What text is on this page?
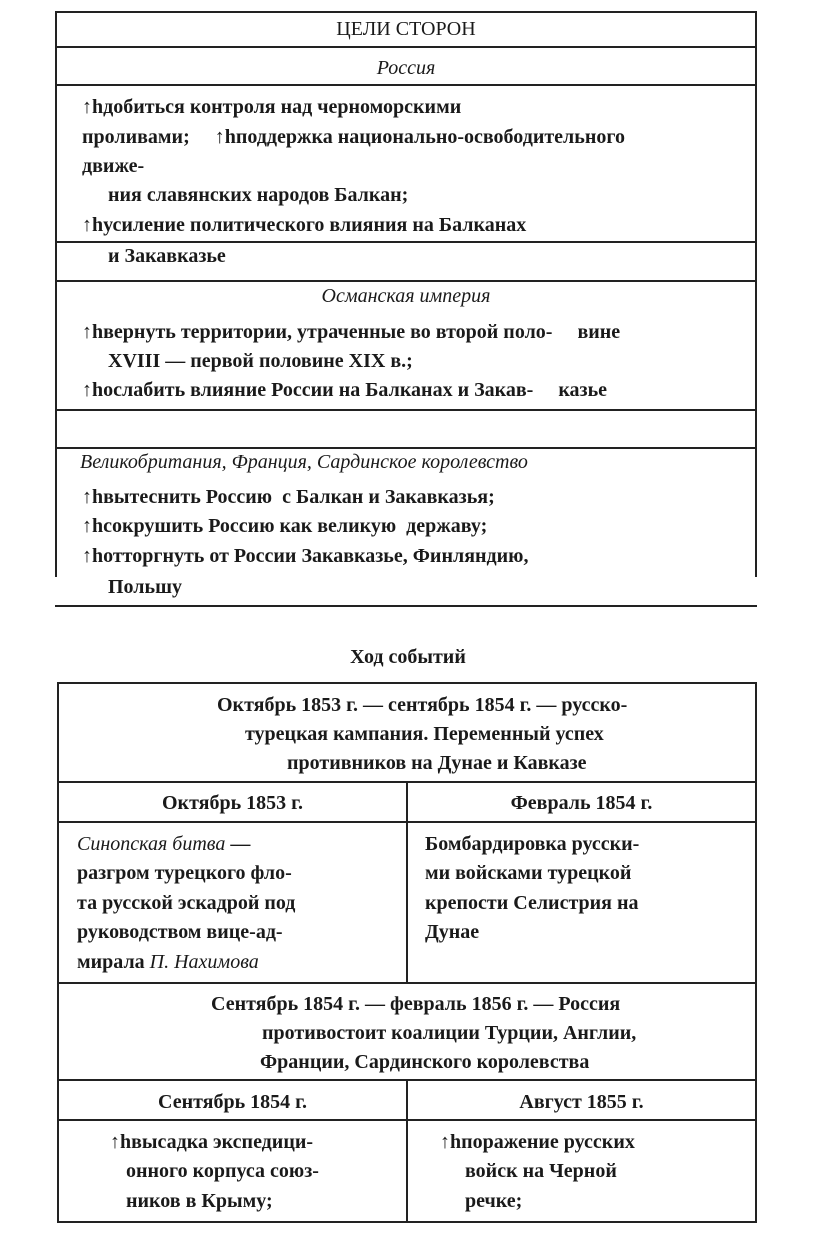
ЦЕЛИ СТОРОН
Россия
↑hдобиться контроля над черноморскими
проливами;     ↑hподдержка национально-освободительного
движе-
ния славянских народов Балкан;
↑hусиление политического влияния на Балканах
и Закавказье
Османская империя
↑hвернуть территории, утраченные во второй поло-     вине
XVIII — первой половине XIX в.;
↑hослабить влияние России на Балканах и Закав-     казье
Великобритания, Франция, Сардинское королевство
↑hвытеснить Россию  с Балкан и Закавказья;
↑hсокрушить Россию как великую  державу;
↑hотторгнуть от России Закавказье, Финляндию,
Польшу
Ход событий
Октябрь 1853 г. — сентябрь 1854 г. — русско-
турецкая кампания. Переменный успех
противников на Дунае и Кавказе
Октябрь 1853 г.	Февраль 1854 г.
Синопская битва —
разгром турецкого фло-
та русской эскадрой под
руководством вице-ад-
мирала П. Нахимова
Бомбардировка русски-
ми войсками турецкой
крепости Селистрия на
Дунае
Сентябрь 1854 г. — февраль 1856 г. — Россия
противостоит коалиции Турции, Англии,
Франции, Сардинского королевства
Сентябрь 1854 г.	Август 1855 г.
↑hвысадка экспедици-
онного корпуса союз-
ников в Крыму;
↑hпоражение русских
войск на Черной
речке;
